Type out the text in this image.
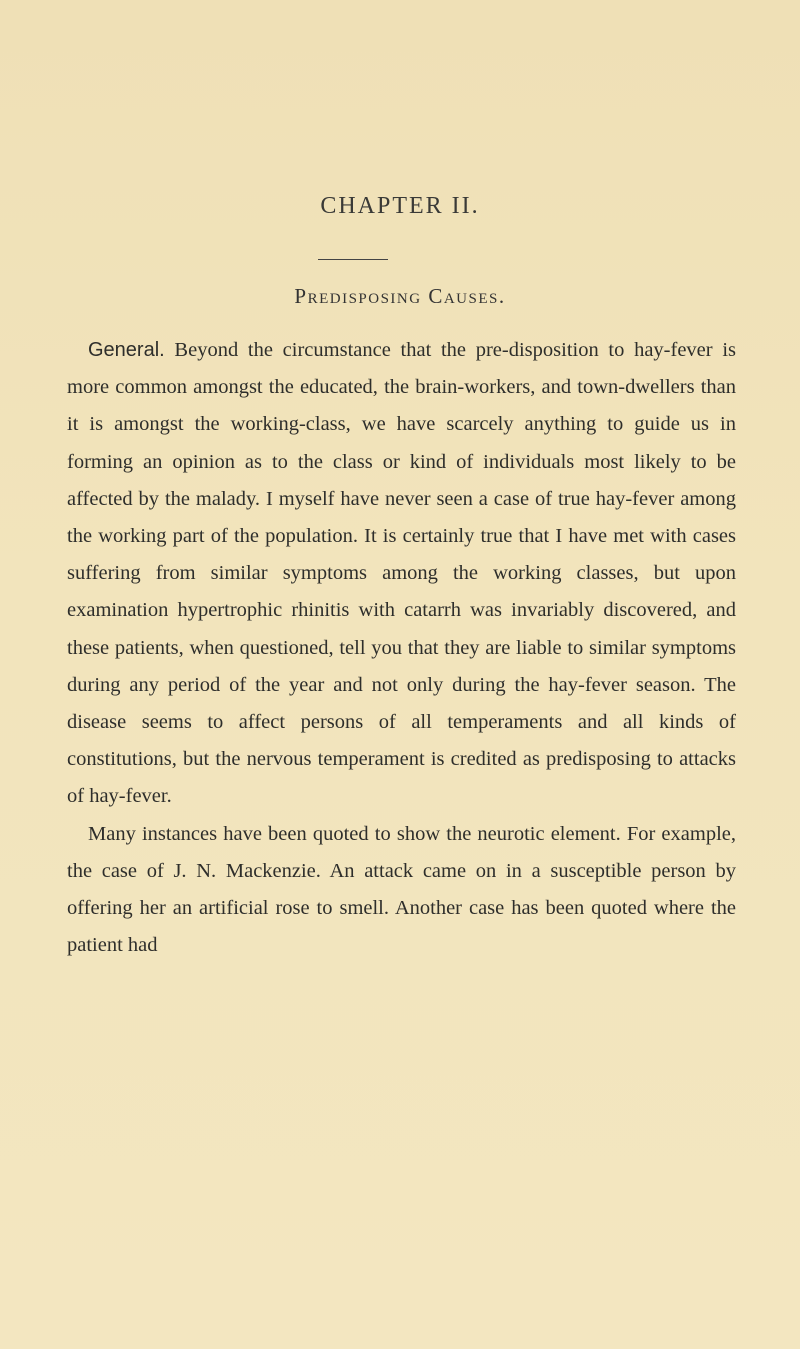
CHAPTER II.
Predisposing Causes.

General. Beyond the circumstance that the pre-disposition to hay-fever is more common amongst the educated, the brain-workers, and town-dwellers than it is amongst the working-class, we have scarcely anything to guide us in forming an opinion as to the class or kind of individuals most likely to be affected by the malady. I myself have never seen a case of true hay-fever among the working part of the population. It is certainly true that I have met with cases suffering from similar symptoms among the working classes, but upon examination hypertrophic rhinitis with catarrh was invariably discovered, and these patients, when questioned, tell you that they are liable to similar symptoms during any period of the year and not only during the hay-fever season. The disease seems to affect persons of all temperaments and all kinds of constitutions, but the nervous temperament is credited as predisposing to attacks of hay-fever.

Many instances have been quoted to show the neurotic element. For example, the case of J. N. Mackenzie. An attack came on in a susceptible person by offering her an artificial rose to smell. Another case has been quoted where the patient had
